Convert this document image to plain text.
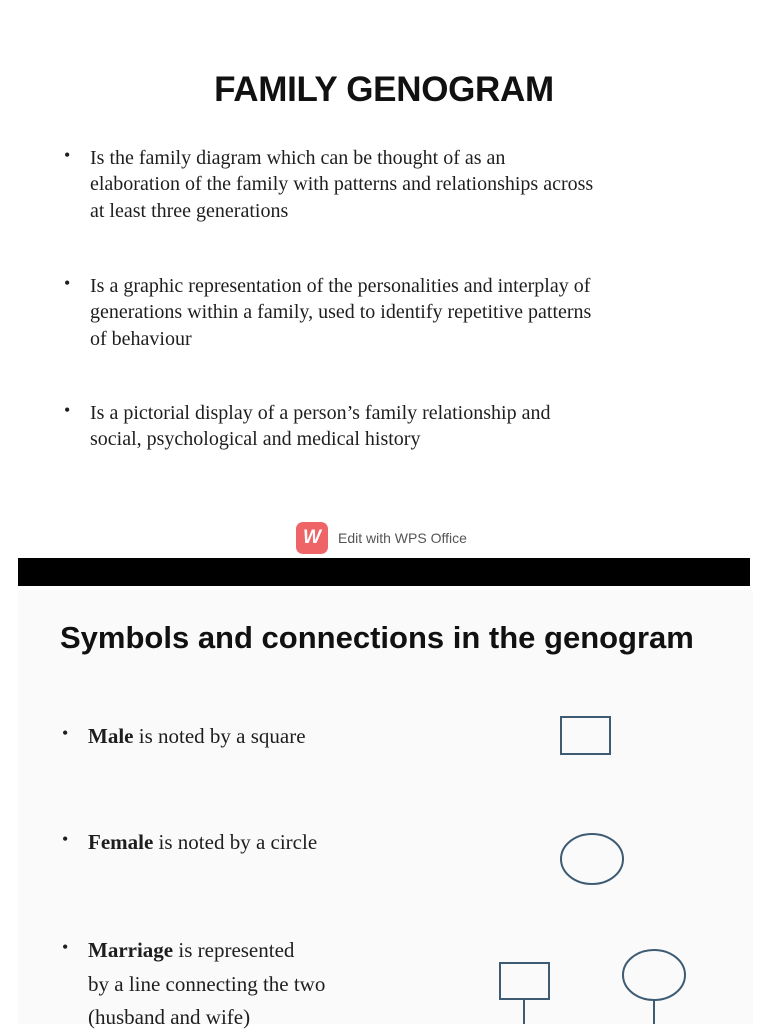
FAMILY GENOGRAM
• Is the family diagram which can be thought of as an
elaboration of the family with patterns and relationships across
at least three generations
• Is a graphic representation of the personalities and interplay of
generations within a family, used to identify repetitive patterns
of behaviour
• Is a pictorial display of a person’s family relationship and
social, psychological and medical history
W	Edit with WPS Office
Symbols and connections in the genogram
• Male is noted by a square
• Female is noted by a circle
• Marriage is represented
by a line connecting the two
(husband and wife)
